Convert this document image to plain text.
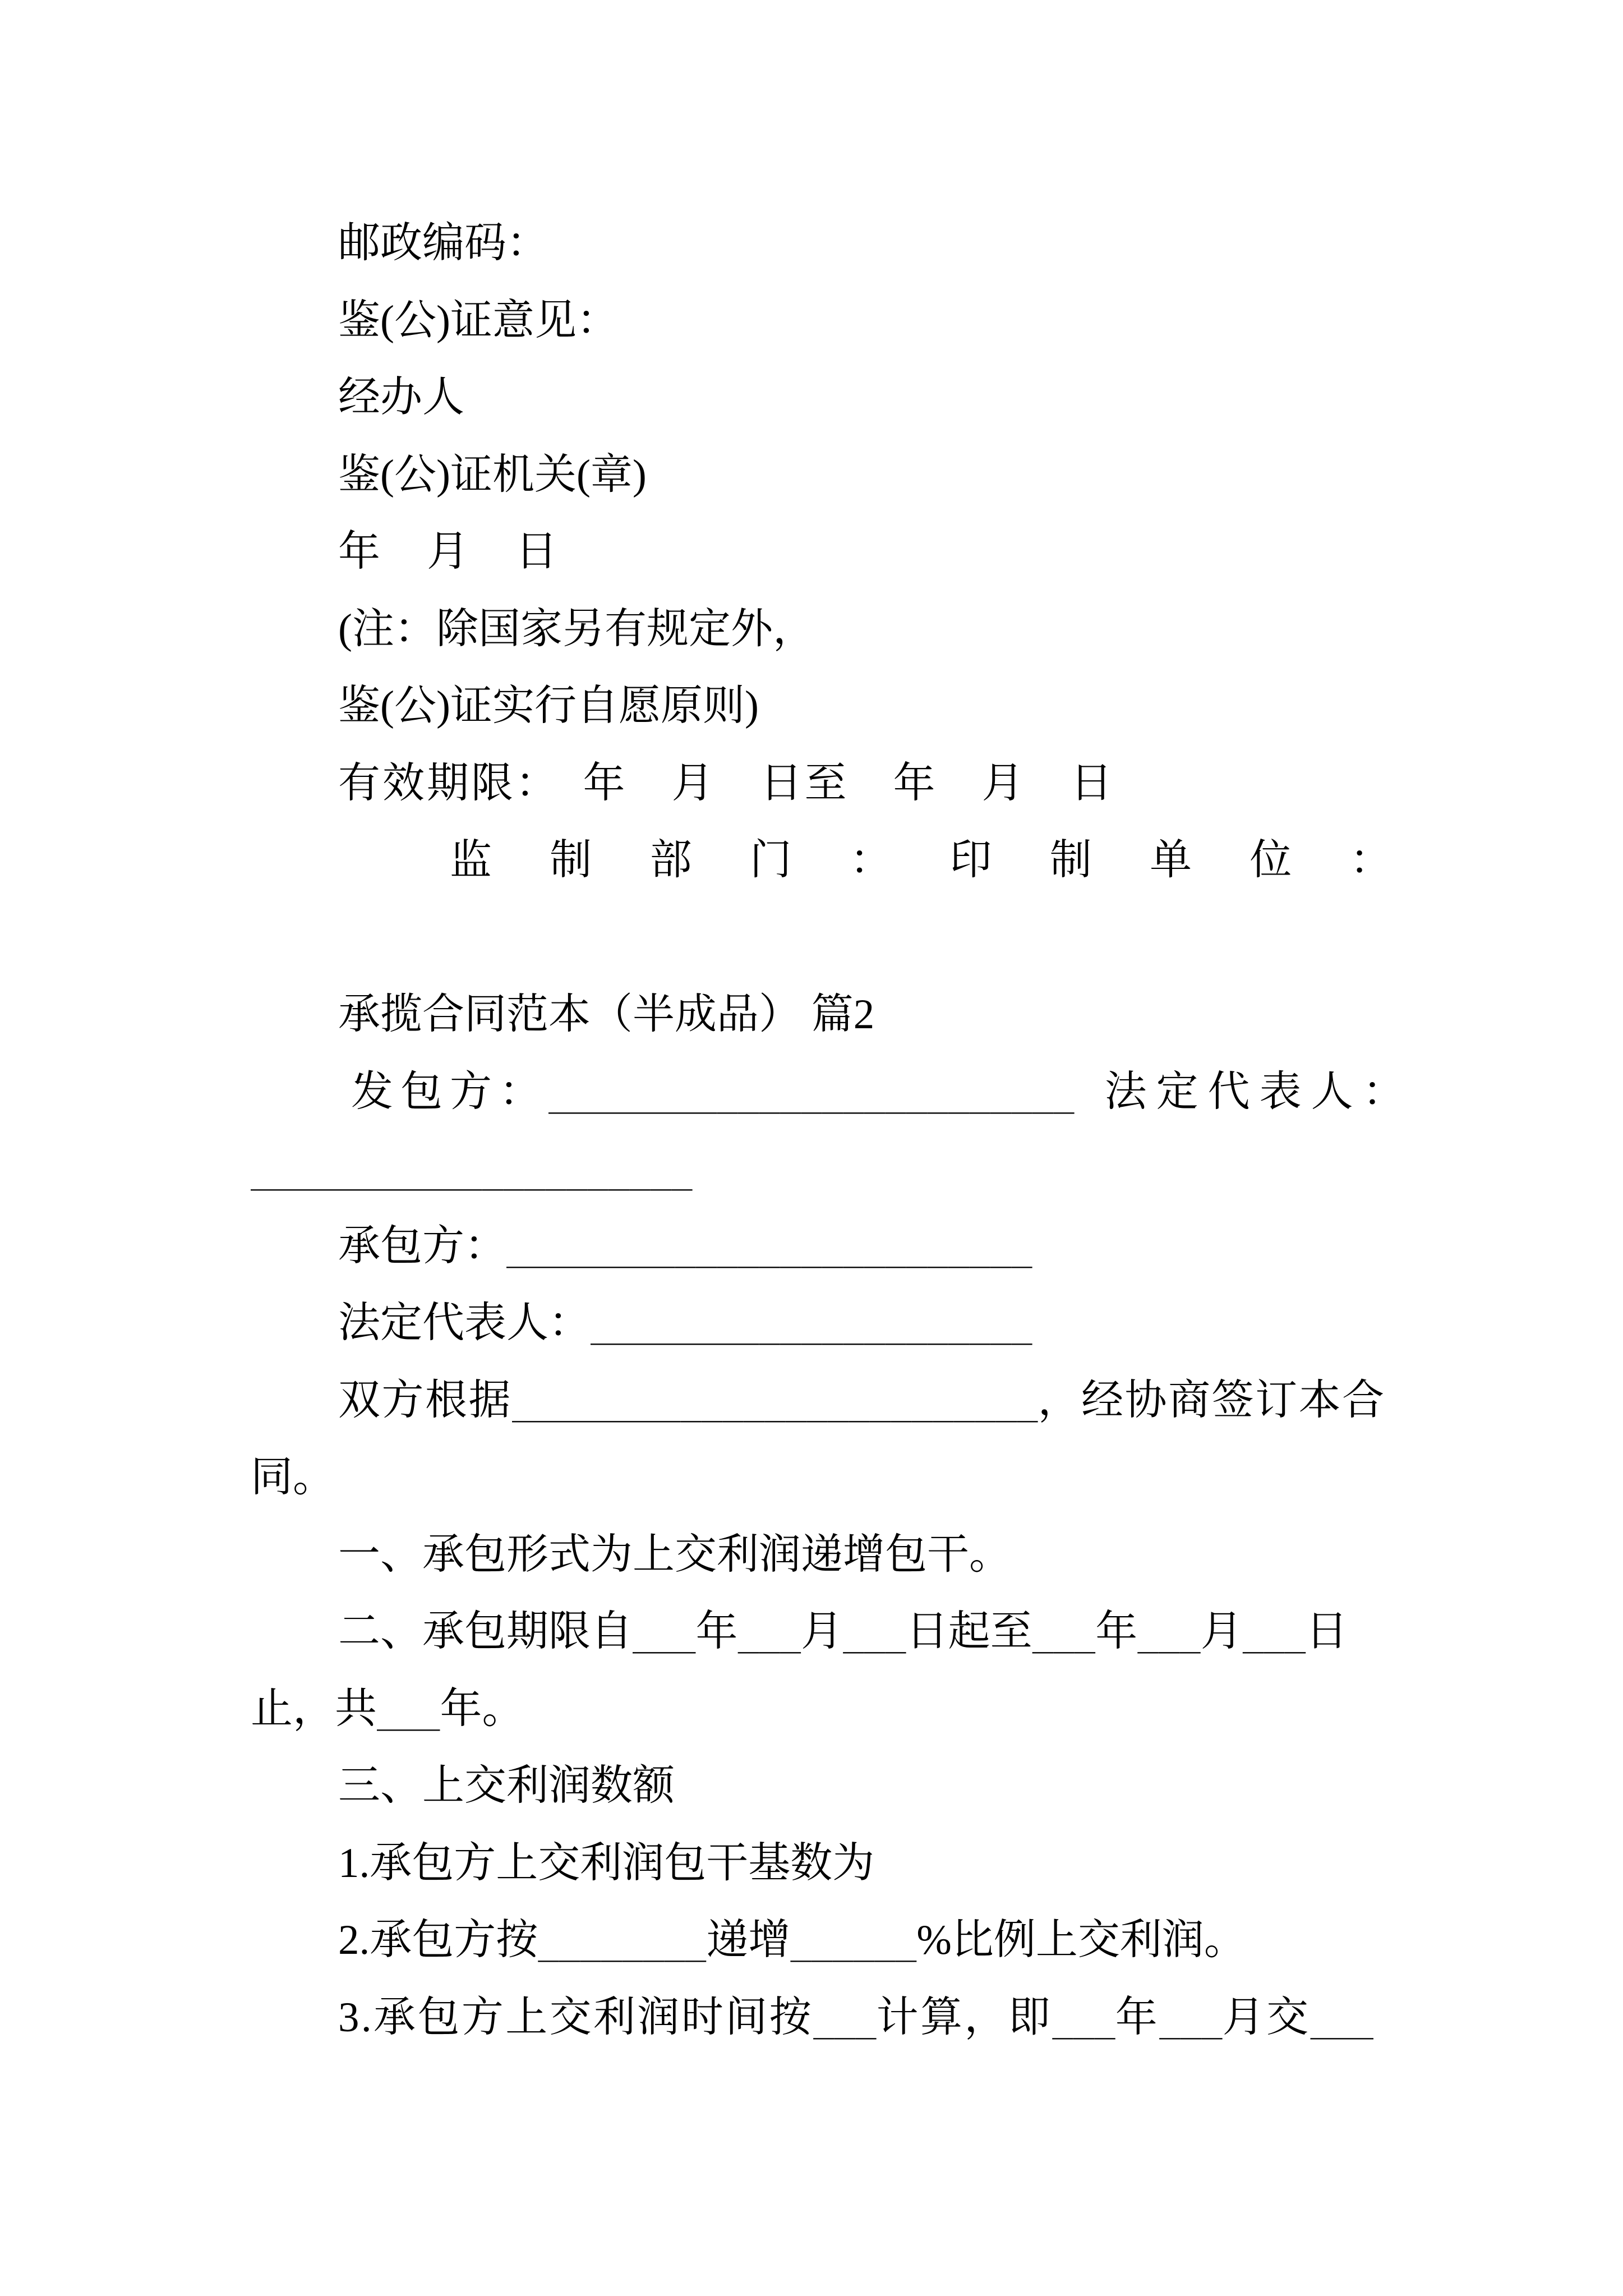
邮政编码：
鉴(公)证意见：
经办人
鉴(公)证机关(章)
年　月　日
(注：除国家另有规定外，
鉴(公)证实行自愿原则)
有效期限：　年　月　日至　年　月　日
监制部门：印制单位：
承揽合同范本（半成品） 篇2
发包方：_________________________ 法定代表人：
_____________________
承包方：_________________________
法定代表人：_____________________
双方根据_________________________，经协商签订本合
同。
一、承包形式为上交利润递增包干。
二、承包期限自___年___月___日起至___年___月___日
止，共___年。
三、上交利润数额
1.承包方上交利润包干基数为
2.承包方按________递增______%比例上交利润。
3.承包方上交利润时间按___计算，即___年___月交___
